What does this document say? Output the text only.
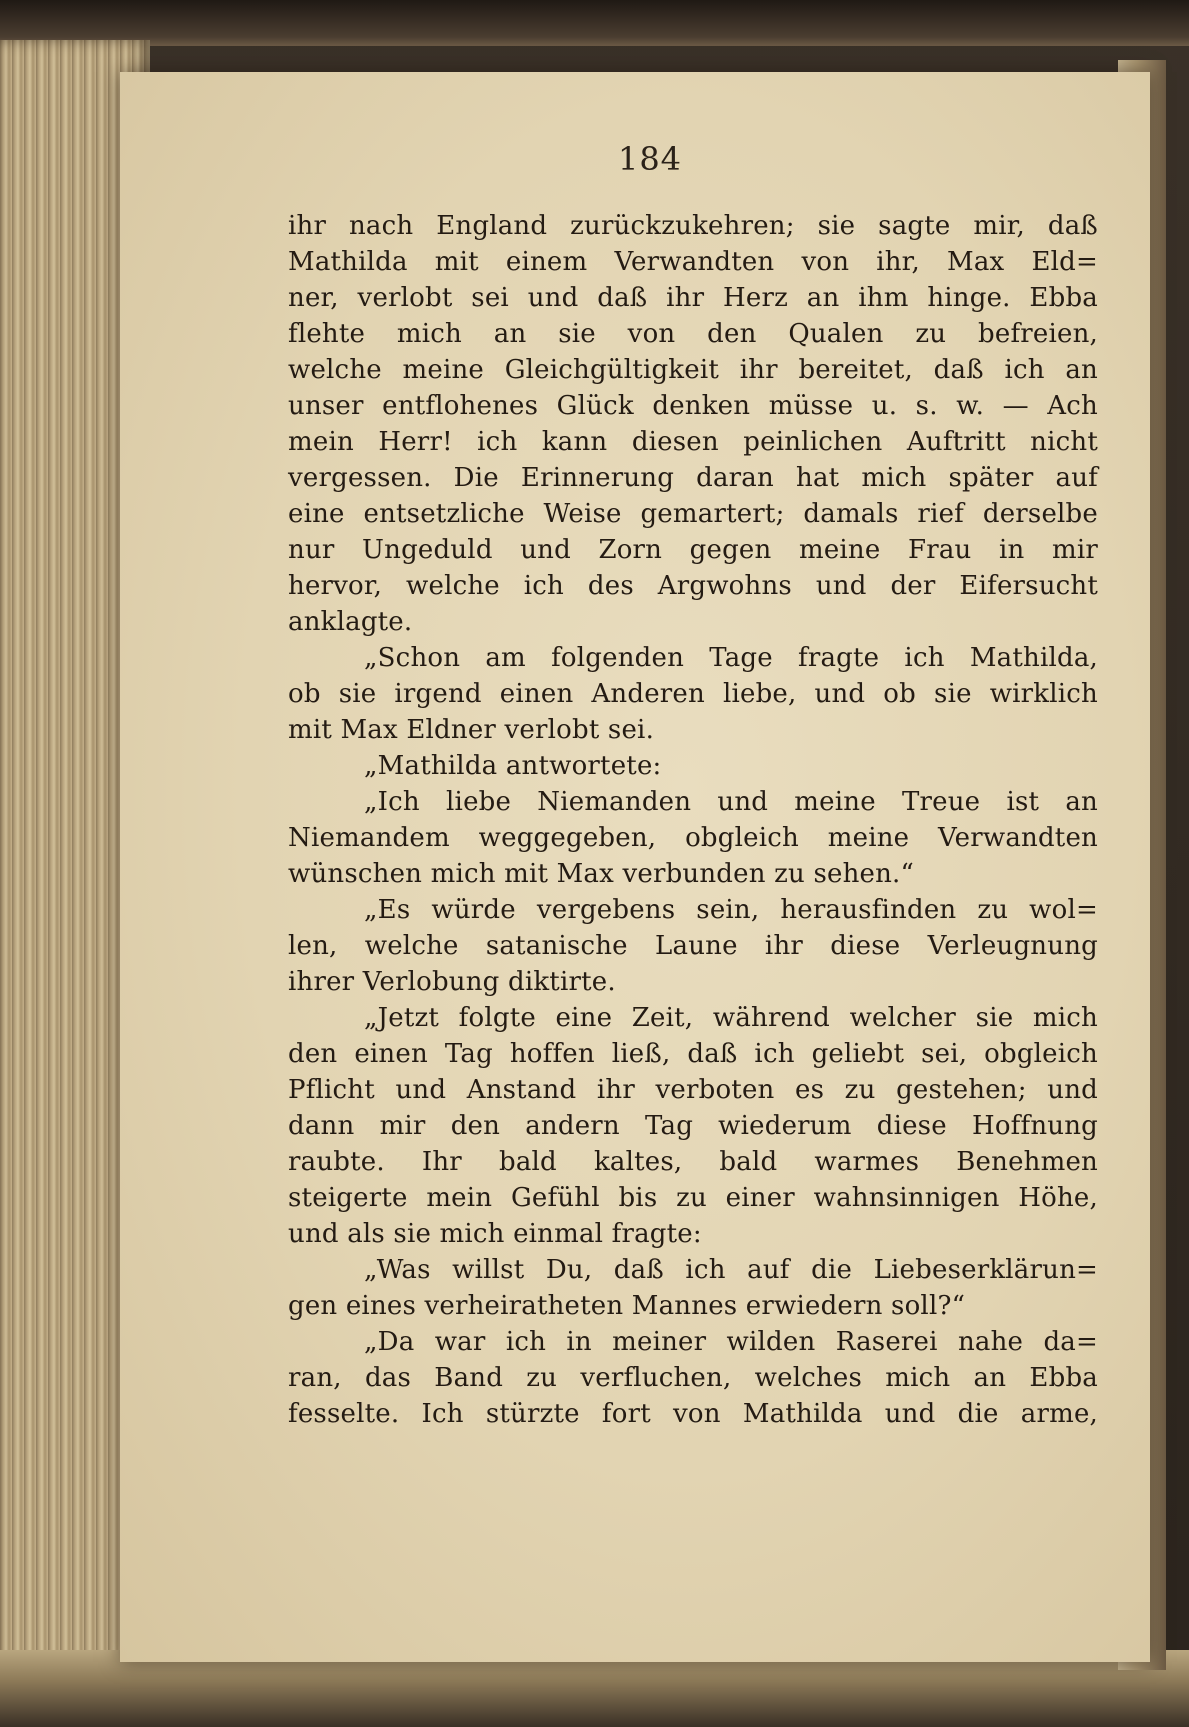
184
ihr nach England zurückzukehren; sie sagte mir, daß
Mathilda mit einem Verwandten von ihr, Max Eld=
ner, verlobt sei und daß ihr Herz an ihm hinge. Ebba
flehte mich an sie von den Qualen zu befreien,
welche meine Gleichgültigkeit ihr bereitet, daß ich an
unser entflohenes Glück denken müsse u. s. w. — Ach
mein Herr! ich kann diesen peinlichen Auftritt nicht
vergessen. Die Erinnerung daran hat mich später auf
eine entsetzliche Weise gemartert; damals rief derselbe
nur Ungeduld und Zorn gegen meine Frau in mir
hervor, welche ich des Argwohns und der Eifersucht
anklagte.
„Schon am folgenden Tage fragte ich Mathilda,
ob sie irgend einen Anderen liebe, und ob sie wirklich
mit Max Eldner verlobt sei.
„Mathilda antwortete:
„Ich liebe Niemanden und meine Treue ist an
Niemandem weggegeben, obgleich meine Verwandten
wünschen mich mit Max verbunden zu sehen.“
„Es würde vergebens sein, herausfinden zu wol=
len, welche satanische Laune ihr diese Verleugnung
ihrer Verlobung diktirte.
„Jetzt folgte eine Zeit, während welcher sie mich
den einen Tag hoffen ließ, daß ich geliebt sei, obgleich
Pflicht und Anstand ihr verboten es zu gestehen; und
dann mir den andern Tag wiederum diese Hoffnung
raubte. Ihr bald kaltes, bald warmes Benehmen
steigerte mein Gefühl bis zu einer wahnsinnigen Höhe,
und als sie mich einmal fragte:
„Was willst Du, daß ich auf die Liebeserklärun=
gen eines verheiratheten Mannes erwiedern soll?“
„Da war ich in meiner wilden Raserei nahe da=
ran, das Band zu verfluchen, welches mich an Ebba
fesselte. Ich stürzte fort von Mathilda und die arme,
